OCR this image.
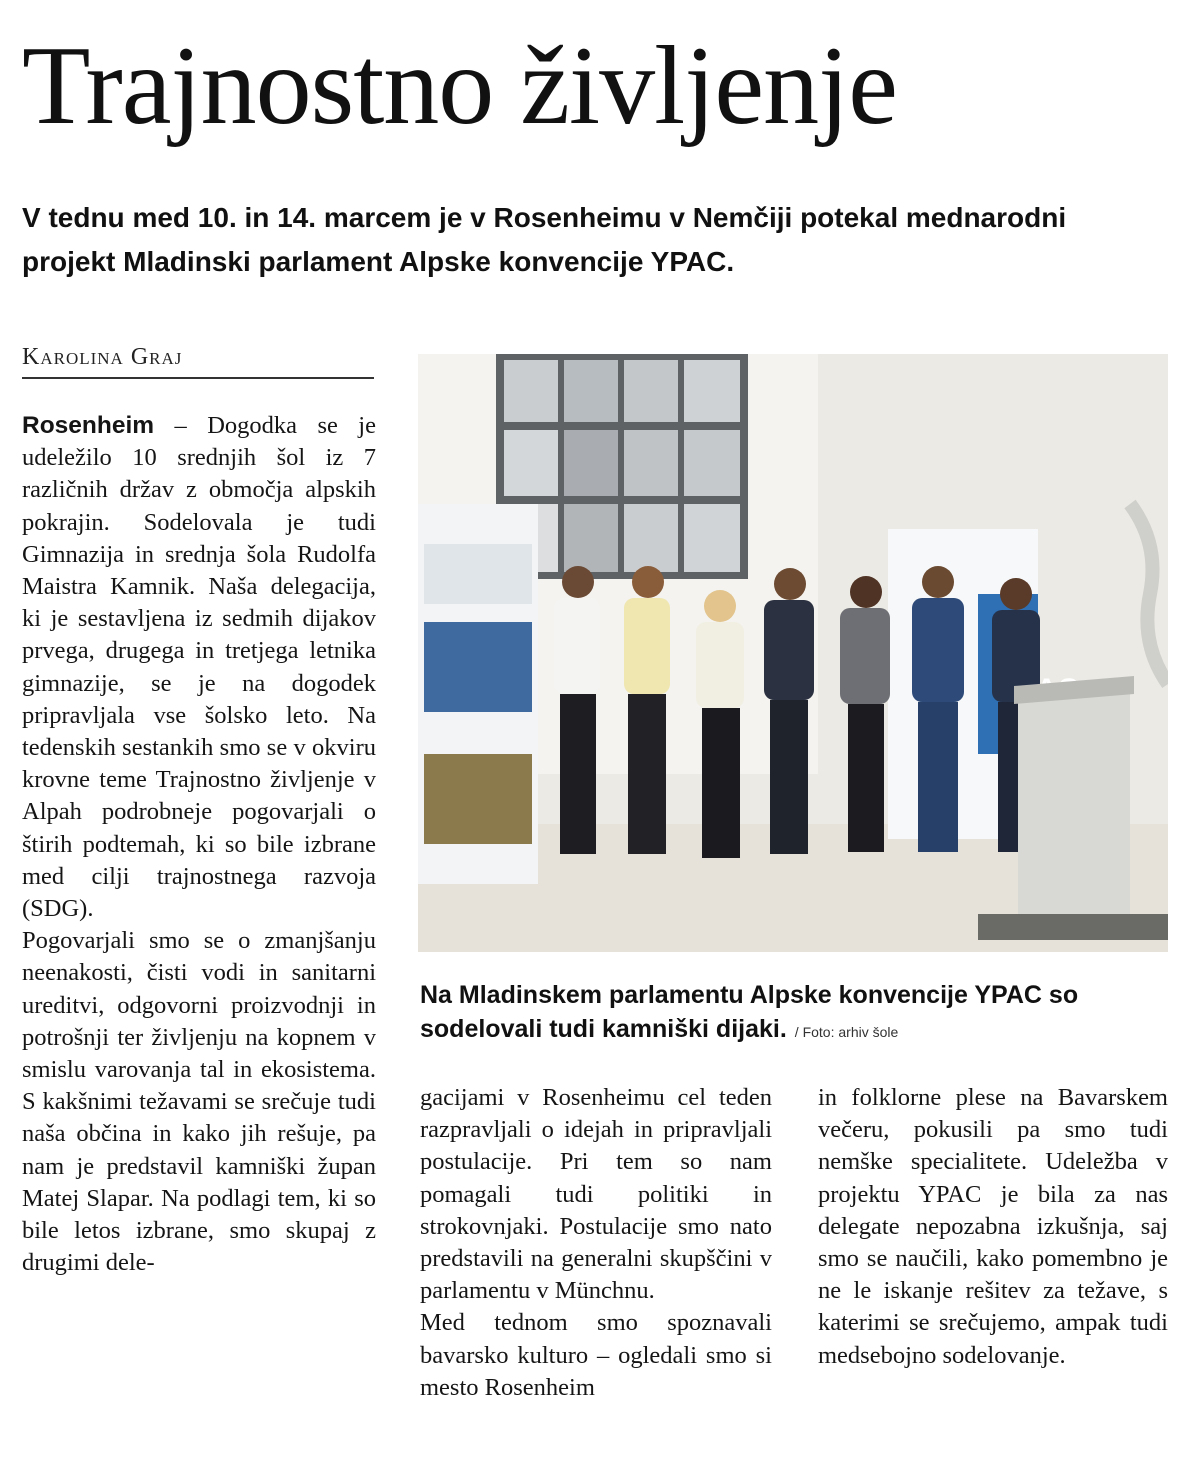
Trajnostno življenje

V tednu med 10. in 14. marcem je v Rosenheimu v Nemčiji potekal mednarodni projekt Mladinski parlament Alpske konvencije YPAC.

Karolina Graj

Rosenheim – Dogodka se je udeležilo 10 srednjih šol iz 7 različnih držav z območja alpskih pokrajin. Sodelovala je tudi Gimnazija in srednja šola Rudolfa Maistra Kamnik. Naša delegacija, ki je sestavljena iz sedmih dijakov prvega, drugega in tretjega letnika gimnazije, se je na dogodek pripravljala vse šolsko leto. Na tedenskih sestankih smo se v okviru krovne teme Trajnostno življenje v Alpah podrobneje pogovarjali o štirih podtemah, ki so bile izbrane med cilji trajnostnega razvoja (SDG).

Pogovarjali smo se o zmanjšanju neenakosti, čisti vodi in sanitarni ureditvi, odgovorni proizvodnji in potrošnji ter življenju na kopnem v smislu varovanja tal in ekosistema. S kakšnimi težavami se srečuje tudi naša občina in kako jih rešuje, pa nam je predstavil kamniški župan Matej Slapar. Na podlagi tem, ki so bile letos izbrane, smo skupaj z drugimi dele-

Na Mladinskem parlamentu Alpske konvencije YPAC so sodelovali tudi kamniški dijaki. / Foto: arhiv šole

gacijami v Rosenheimu cel teden razpravljali o idejah in pripravljali postulacije. Pri tem so nam pomagali tudi politiki in strokovnjaki. Postulacije smo nato predstavili na generalni skupščini v parlamentu v Münchnu.

Med tednom smo spoznavali bavarsko kulturo – ogledali smo si mesto Rosenheim

in folklorne plese na Bavarskem večeru, pokusili pa smo tudi nemške specialitete. Udeležba v projektu YPAC je bila za nas delegate nepozabna izkušnja, saj smo se naučili, kako pomembno je ne le iskanje rešitev za težave, s katerimi se srečujemo, ampak tudi medsebojno sodelovanje.
